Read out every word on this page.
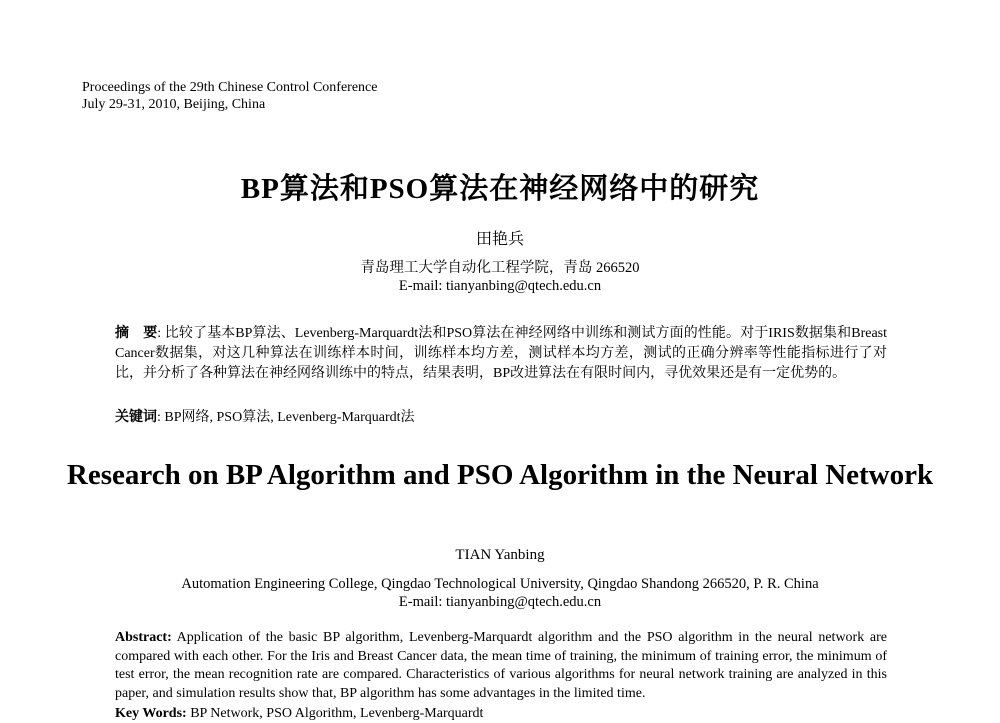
Proceedings of the 29th Chinese Control Conference
July 29-31, 2010, Beijing, China
BP算法和PSO算法在神经网络中的研究
田艳兵
青岛理工大学自动化工程学院，青岛 266520
E-mail: tianyanbing@qtech.edu.cn
摘　要: 比较了基本BP算法、Levenberg-Marquardt法和PSO算法在神经网络中训练和测试方面的性能。对于IRIS数据集和Breast Cancer数据集，对这几种算法在训练样本时间，训练样本均方差，测试样本均方差，测试的正确分辨率等性能指标进行了对比，并分析了各种算法在神经网络训练中的特点，结果表明，BP改进算法在有限时间内，寻优效果还是有一定优势的。
关键词: BP网络, PSO算法, Levenberg-Marquardt法
Research on BP Algorithm and PSO Algorithm in the Neural Network
TIAN Yanbing
Automation Engineering College, Qingdao Technological University, Qingdao Shandong 266520, P. R. China
E-mail: tianyanbing@qtech.edu.cn
Abstract: Application of the basic BP algorithm, Levenberg-Marquardt algorithm and the PSO algorithm in the neural network are compared with each other. For the Iris and Breast Cancer data, the mean time of training, the minimum of training error, the minimum of test error, the mean recognition rate are compared. Characteristics of various algorithms for neural network training are analyzed in this paper, and simulation results show that, BP algorithm has some advantages in the limited time.
Key Words: BP Network, PSO Algorithm, Levenberg-Marquardt
